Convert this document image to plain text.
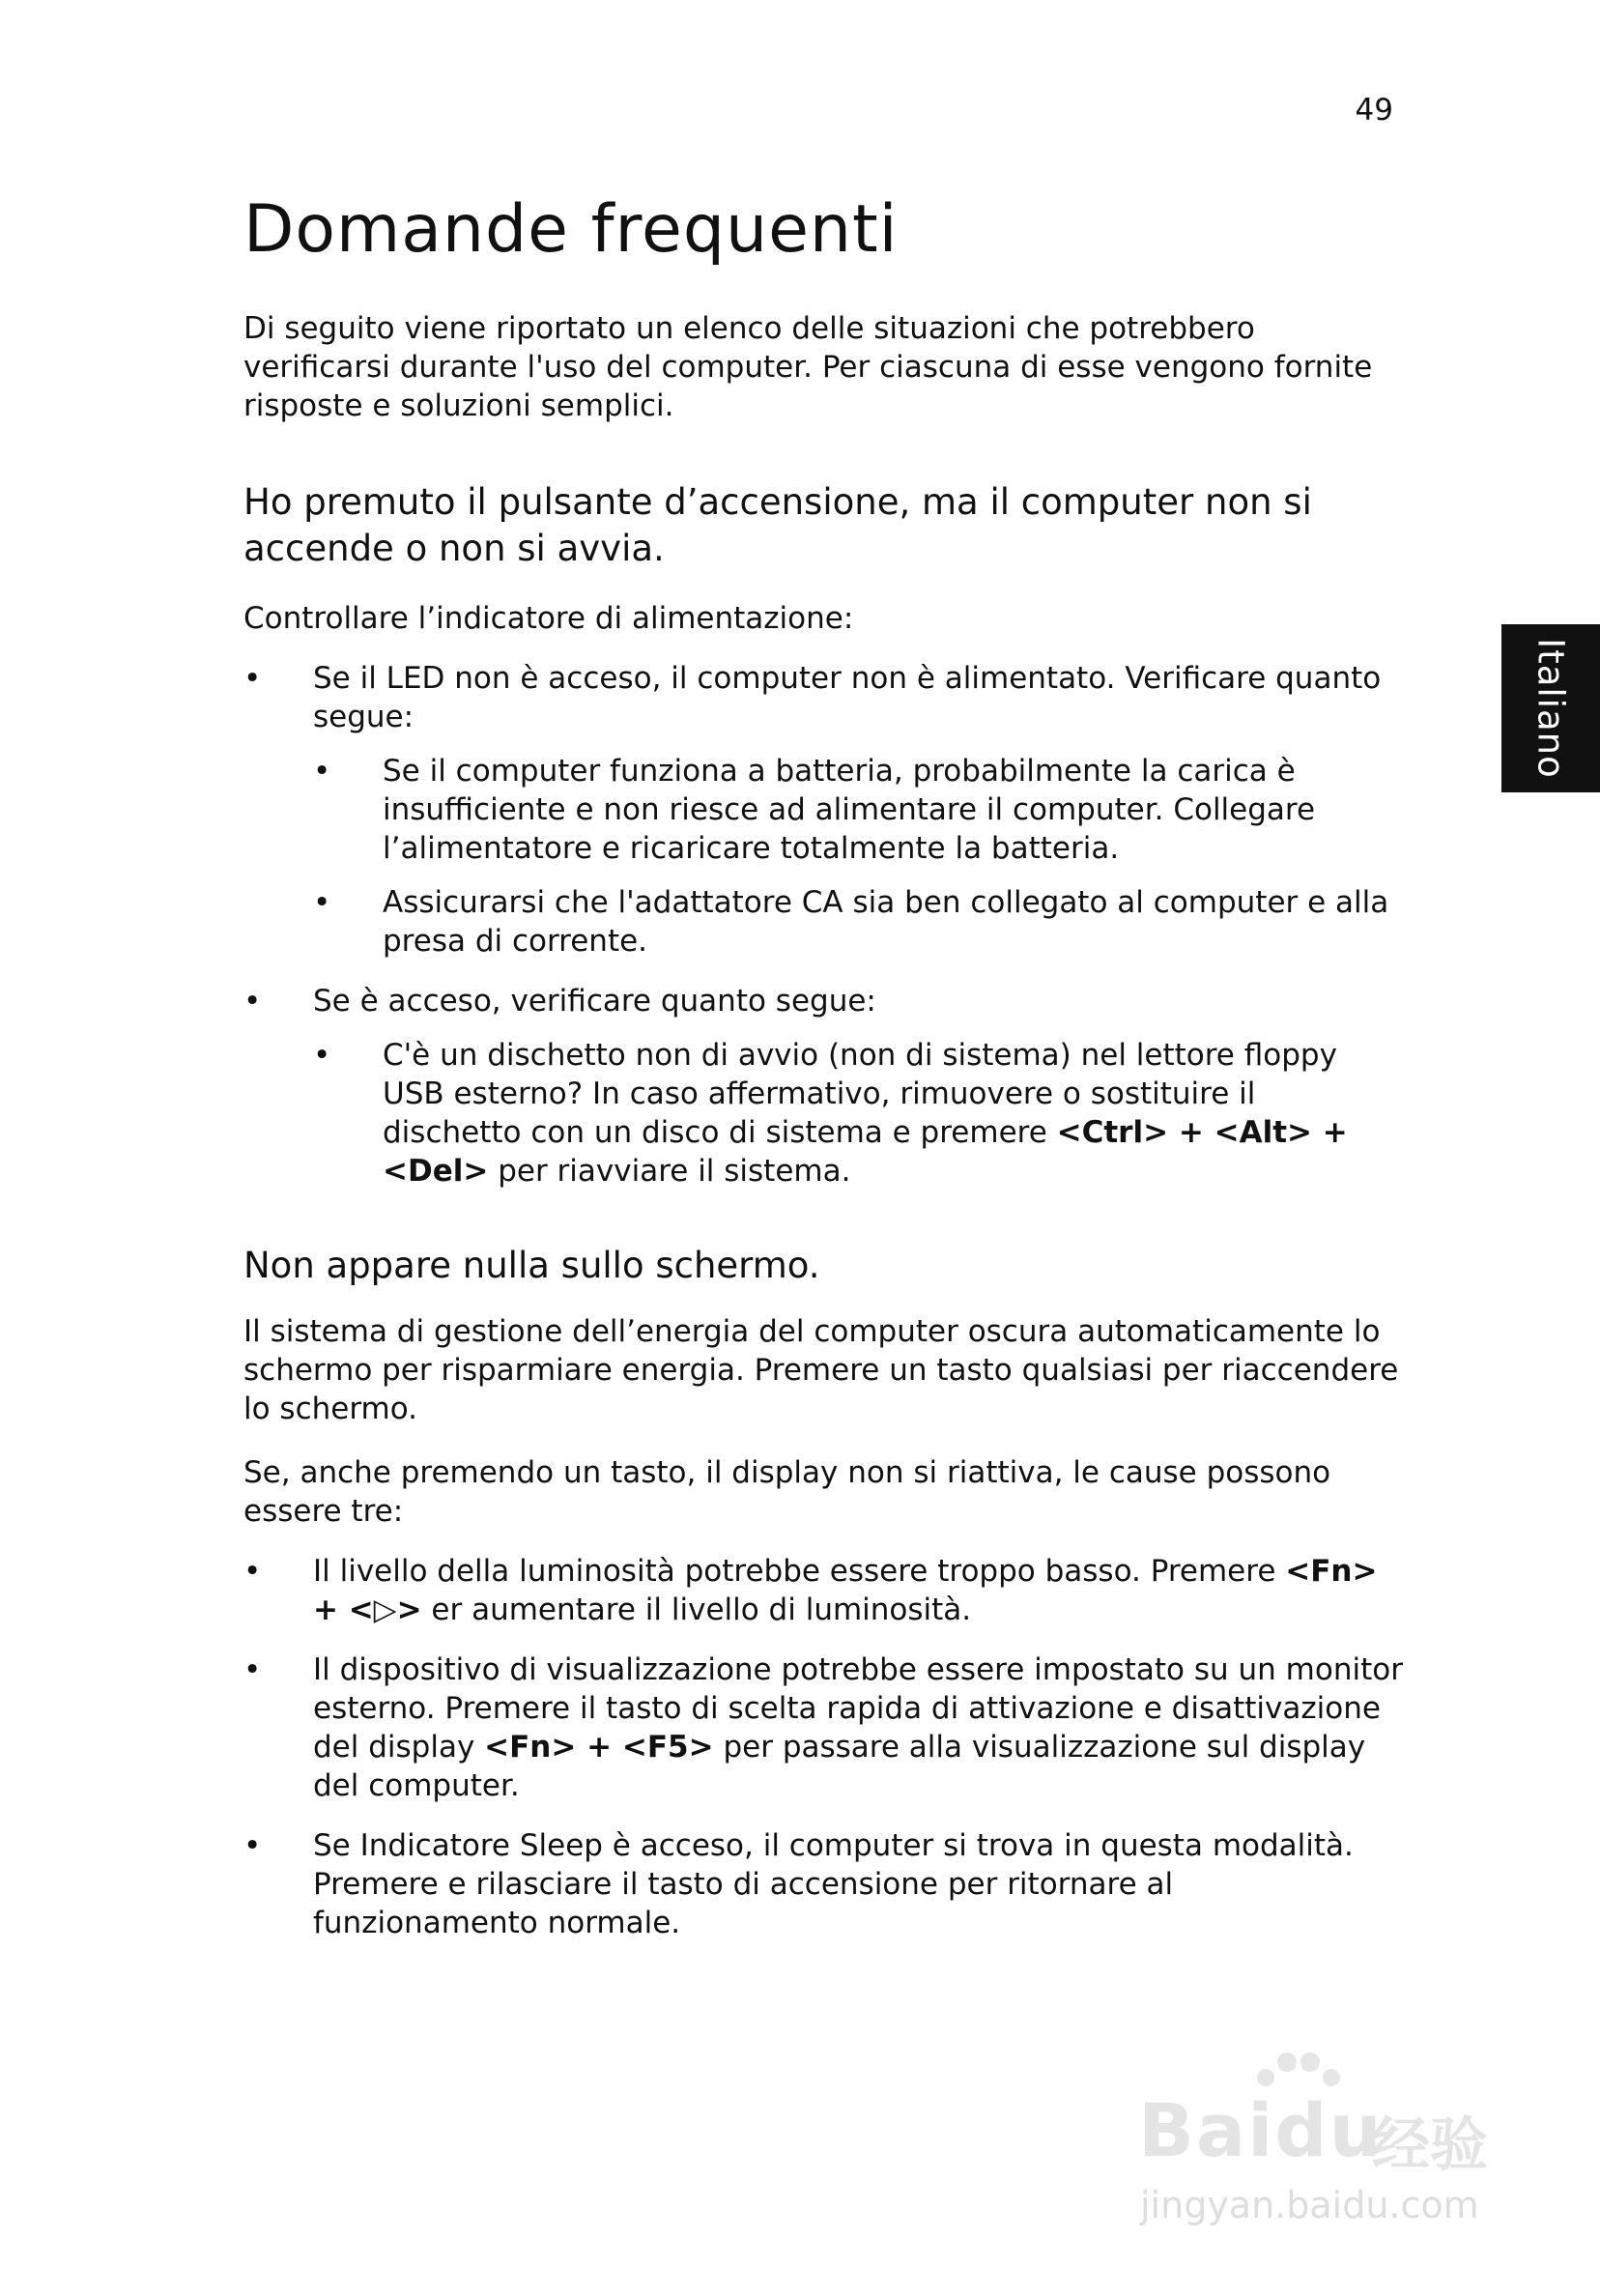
49
Italiano
Domande frequenti

Di seguito viene riportato un elenco delle situazioni che potrebbero verificarsi durante l'uso del computer. Per ciascuna di esse vengono fornite risposte e soluzioni semplici.

Ho premuto il pulsante d’accensione, ma il computer non si accende o non si avvia.

Controllare l’indicatore di alimentazione:

• Se il LED non è acceso, il computer non è alimentato. Verificare quanto segue:
• Se il computer funziona a batteria, probabilmente la carica è insufficiente e non riesce ad alimentare il computer. Collegare l’alimentatore e ricaricare totalmente la batteria.
• Assicurarsi che l'adattatore CA sia ben collegato al computer e alla presa di corrente.
• Se è acceso, verificare quanto segue:
• C'è un dischetto non di avvio (non di sistema) nel lettore floppy USB esterno? In caso affermativo, rimuovere o sostituire il dischetto con un disco di sistema e premere <Ctrl> + <Alt> + <Del> per riavviare il sistema.
Non appare nulla sullo schermo.

Il sistema di gestione dell’energia del computer oscura automaticamente lo schermo per risparmiare energia. Premere un tasto qualsiasi per riaccendere lo schermo.

Se, anche premendo un tasto, il display non si riattiva, le cause possono essere tre:

• Il livello della luminosità potrebbe essere troppo basso. Premere <Fn> + <▷> er aumentare il livello di luminosità.
• Il dispositivo di visualizzazione potrebbe essere impostato su un monitor esterno. Premere il tasto di scelta rapida di attivazione e disattivazione del display <Fn> + <F5> per passare alla visualizzazione sul display del computer.
• Se Indicatore Sleep è acceso, il computer si trova in questa modalità. Premere e rilasciare il tasto di accensione per ritornare al funzionamento normale.
Baidu
经验
jingyan.baidu.com
